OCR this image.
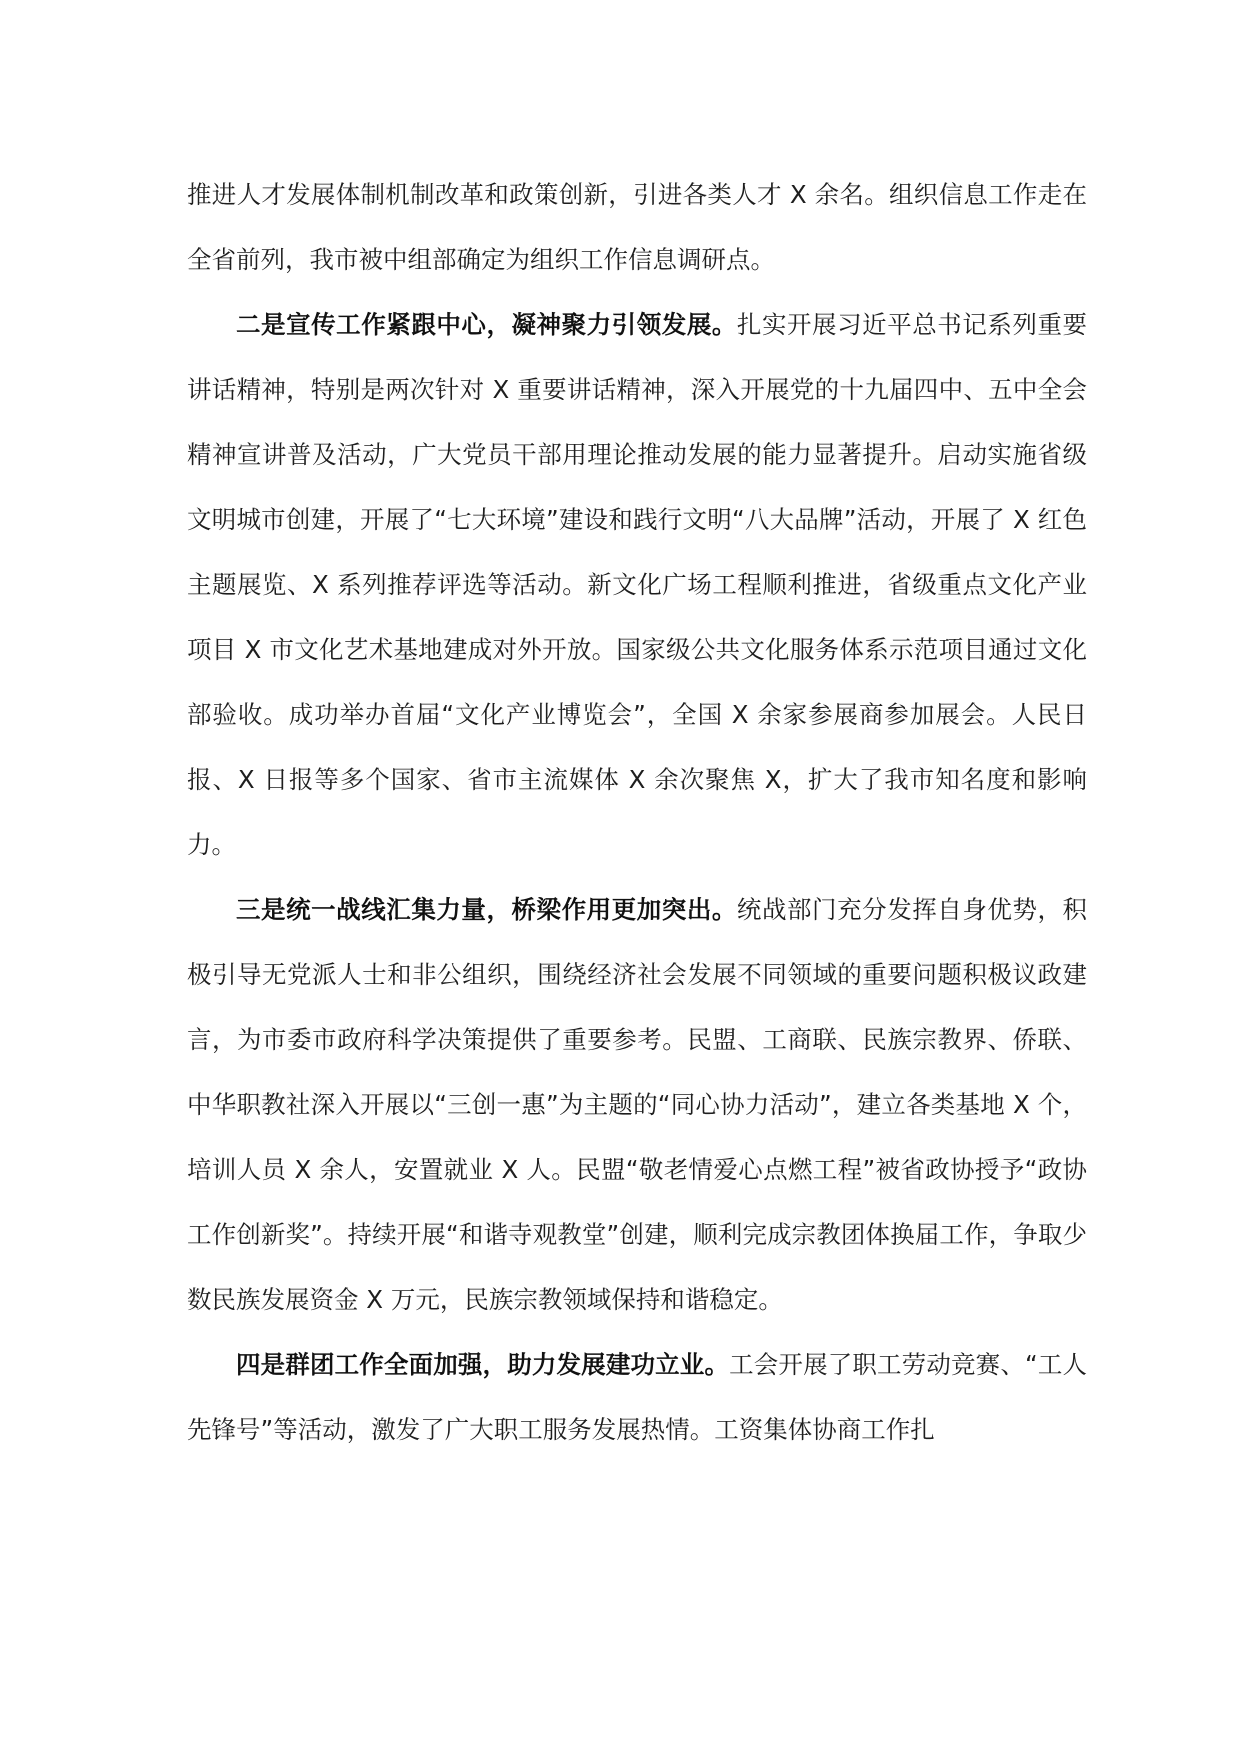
推进人才发展体制机制改革和政策创新，引进各类人才 X 余名。组织信息工作走在全省前列，我市被中组部确定为组织工作信息调研点。

二是宣传工作紧跟中心，凝神聚力引领发展。扎实开展习近平总书记系列重要讲话精神，特别是两次针对 X 重要讲话精神，深入开展党的十九届四中、五中全会精神宣讲普及活动，广大党员干部用理论推动发展的能力显著提升。启动实施省级文明城市创建，开展了“七大环境”建设和践行文明“八大品牌”活动，开展了 X 红色主题展览、X 系列推荐评选等活动。新文化广场工程顺利推进，省级重点文化产业项目 X 市文化艺术基地建成对外开放。国家级公共文化服务体系示范项目通过文化部验收。成功举办首届“文化产业博览会”，全国 X 余家参展商参加展会。人民日报、X 日报等多个国家、省市主流媒体 X 余次聚焦 X，扩大了我市知名度和影响力。

三是统一战线汇集力量，桥梁作用更加突出。统战部门充分发挥自身优势，积极引导无党派人士和非公组织，围绕经济社会发展不同领域的重要问题积极议政建言，为市委市政府科学决策提供了重要参考。民盟、工商联、民族宗教界、侨联、中华职教社深入开展以“三创一惠”为主题的“同心协力活动”，建立各类基地 X 个，培训人员 X 余人，安置就业 X 人。民盟“敬老情爱心点燃工程”被省政协授予“政协工作创新奖”。持续开展“和谐寺观教堂”创建，顺利完成宗教团体换届工作，争取少数民族发展资金 X 万元，民族宗教领域保持和谐稳定。

四是群团工作全面加强，助力发展建功立业。工会开展了职工劳动竞赛、“工人先锋号”等活动，激发了广大职工服务发展热情。工资集体协商工作扎
